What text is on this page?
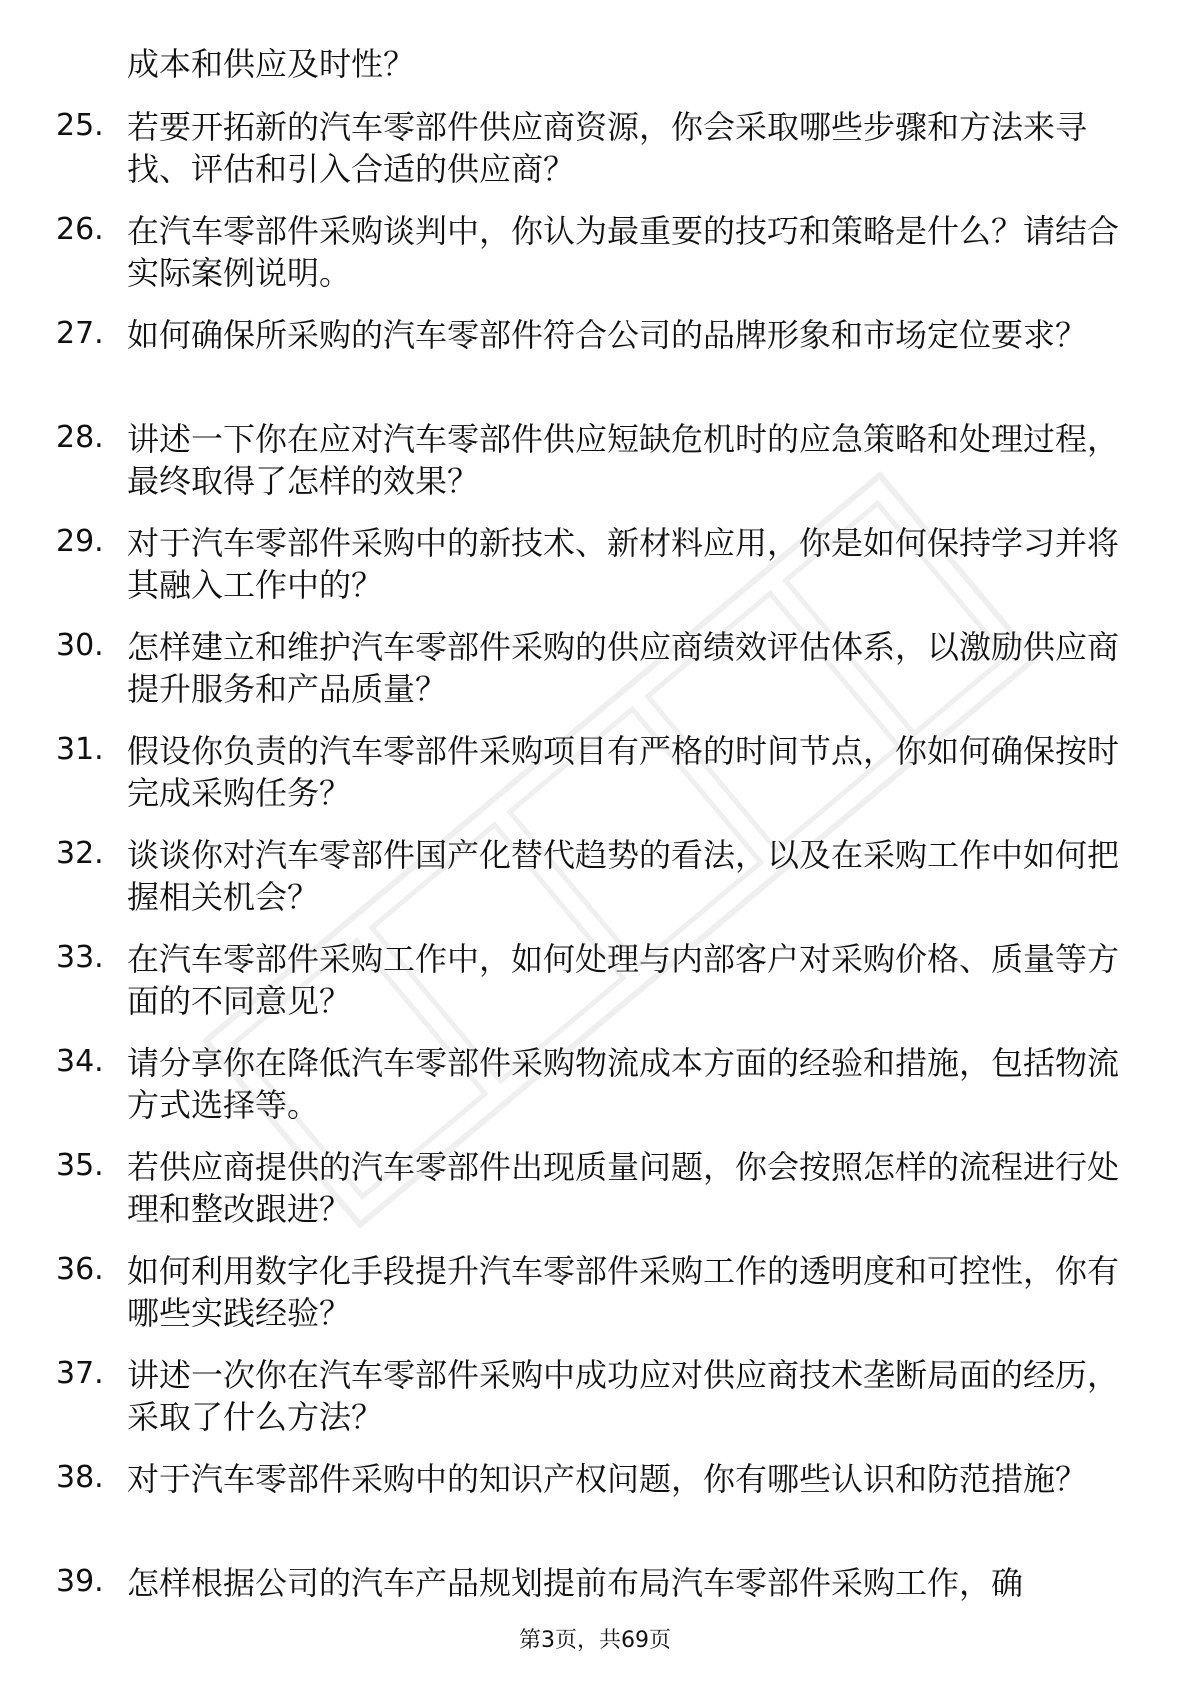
成本和供应及时性？
25. 若要开拓新的汽车零部件供应商资源，你会采取哪些步骤和方法来寻找、评估和引入合适的供应商？
26. 在汽车零部件采购谈判中，你认为最重要的技巧和策略是什么？请结合实际案例说明。
27. 如何确保所采购的汽车零部件符合公司的品牌形象和市场定位要求？
28. 讲述一下你在应对汽车零部件供应短缺危机时的应急策略和处理过程，最终取得了怎样的效果？
29. 对于汽车零部件采购中的新技术、新材料应用，你是如何保持学习并将其融入工作中的？
30. 怎样建立和维护汽车零部件采购的供应商绩效评估体系，以激励供应商提升服务和产品质量？
31. 假设你负责的汽车零部件采购项目有严格的时间节点，你如何确保按时完成采购任务？
32. 谈谈你对汽车零部件国产化替代趋势的看法，以及在采购工作中如何把握相关机会？
33. 在汽车零部件采购工作中，如何处理与内部客户对采购价格、质量等方面的不同意见？
34. 请分享你在降低汽车零部件采购物流成本方面的经验和措施，包括物流方式选择等。
35. 若供应商提供的汽车零部件出现质量问题，你会按照怎样的流程进行处理和整改跟进？
36. 如何利用数字化手段提升汽车零部件采购工作的透明度和可控性，你有哪些实践经验？
37. 讲述一次你在汽车零部件采购中成功应对供应商技术垄断局面的经历，采取了什么方法？
38. 对于汽车零部件采购中的知识产权问题，你有哪些认识和防范措施？
39. 怎样根据公司的汽车产品规划提前布局汽车零部件采购工作，确
第3页，共69页
